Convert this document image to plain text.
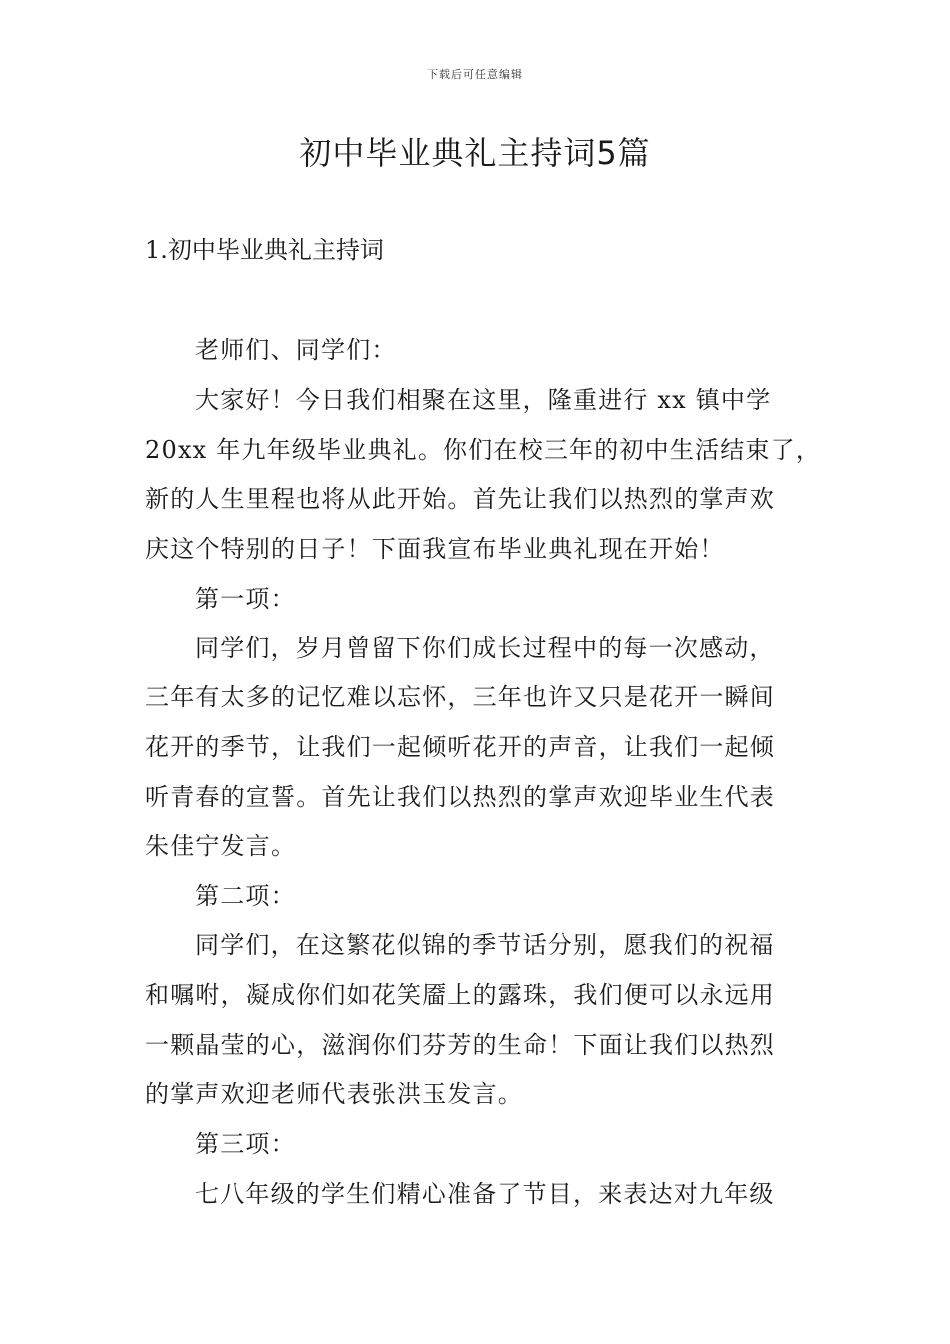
下载后可任意编辑
初中毕业典礼主持词5篇
1.初中毕业典礼主持词
老师们、同学们：
大家好！今日我们相聚在这里，隆重进行 xx 镇中学
20xx 年九年级毕业典礼。你们在校三年的初中生活结束了，
新的人生里程也将从此开始。首先让我们以热烈的掌声欢
庆这个特别的日子！下面我宣布毕业典礼现在开始！
第一项：
同学们，岁月曾留下你们成长过程中的每一次感动，
三年有太多的记忆难以忘怀，三年也许又只是花开一瞬间
花开的季节，让我们一起倾听花开的声音，让我们一起倾
听青春的宣誓。首先让我们以热烈的掌声欢迎毕业生代表
朱佳宁发言。
第二项：
同学们，在这繁花似锦的季节话分别，愿我们的祝福
和嘱咐，凝成你们如花笑靥上的露珠，我们便可以永远用
一颗晶莹的心，滋润你们芬芳的生命！下面让我们以热烈
的掌声欢迎老师代表张洪玉发言。
第三项：
七八年级的学生们精心准备了节目，来表达对九年级
